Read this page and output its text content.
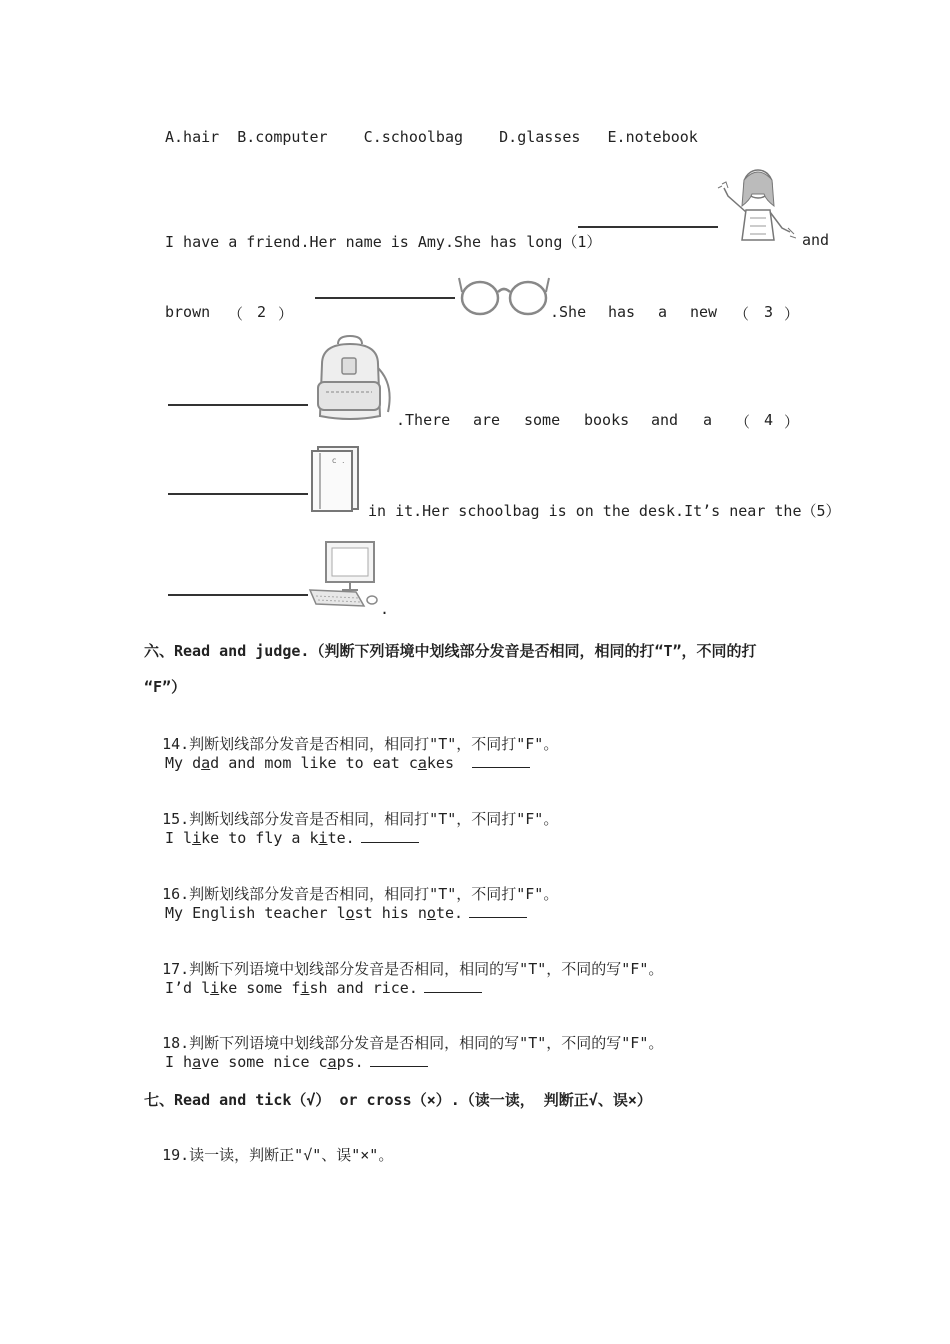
A.hair  B.computer    C.schoolbag    D.glasses   E.notebook
I have a friend.Her name is Amy.She has long（1）	and
brown （ 2 ）	.She has a new （ 3 ）
.There are some books and a （ 4 ）
c .
in it.Her schoolbag is on the desk.It’s near the（5）
.
六、Read and judge.（判断下列语境中划线部分发音是否相同，相同的打“T”，不同的打
“F”）

14.判断划线部分发音是否相同，相同打"T"，不同打"F"。

My dad and mom like to eat cakes

15.判断划线部分发音是否相同，相同打"T"，不同打"F"。

I like to fly a kite.

16.判断划线部分发音是否相同，相同打"T"，不同打"F"。

My English teacher lost his note.

17.判断下列语境中划线部分发音是否相同，相同的写"T"，不同的写"F"。

I’d like some fish and rice.

18.判断下列语境中划线部分发音是否相同，相同的写"T"，不同的写"F"。

I have some nice caps.
七、Read and tick（√） or cross（×）.（读一读， 判断正√、误×）

19.读一读，判断正"√"、误"×"。
